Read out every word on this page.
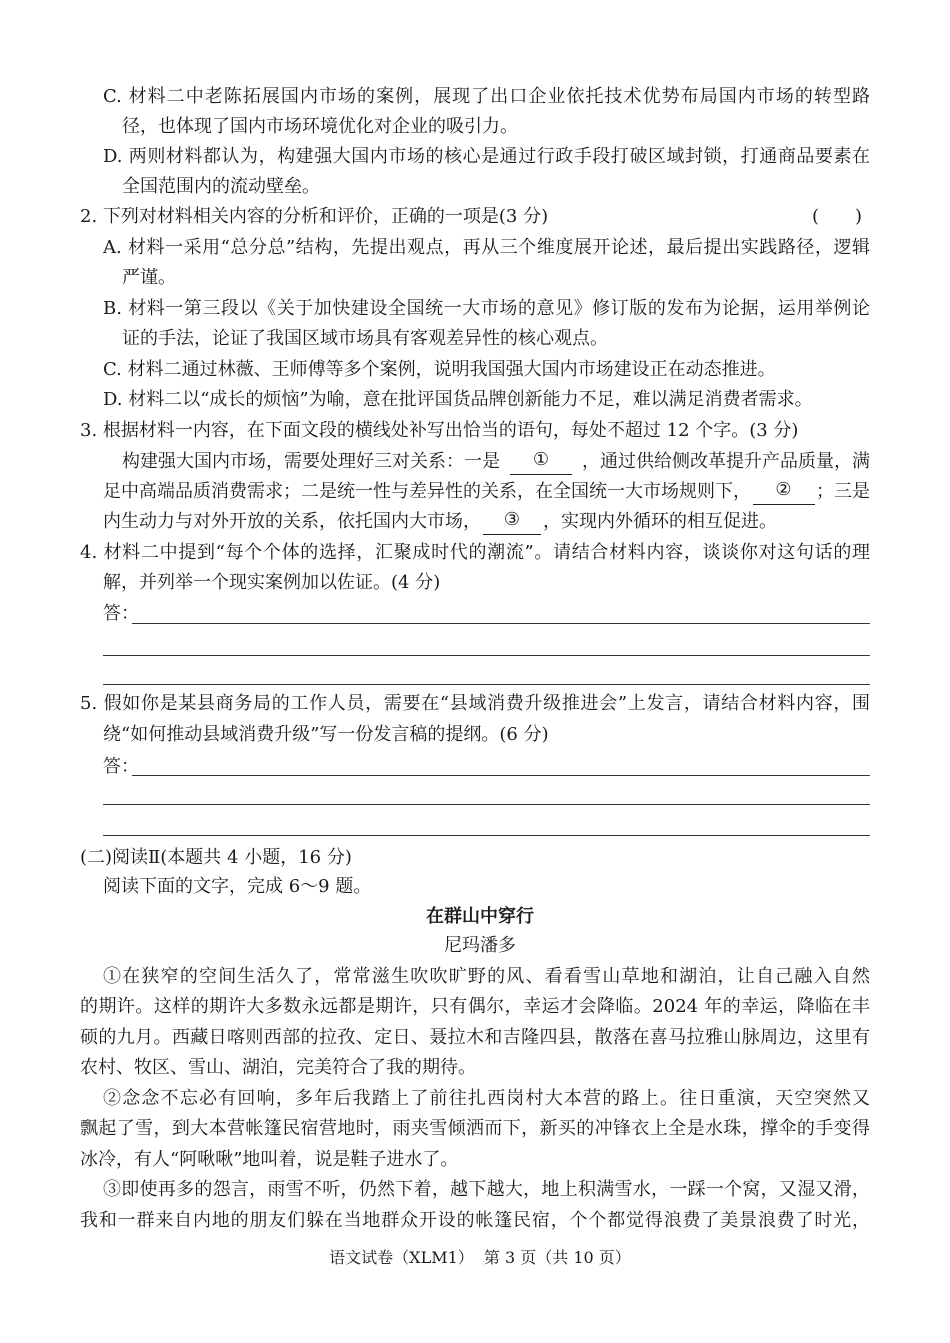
C. 材料二中老陈拓展国内市场的案例，展现了出口企业依托技术优势布局国内市场的转型路
径，也体现了国内市场环境优化对企业的吸引力。
D. 两则材料都认为，构建强大国内市场的核心是通过行政手段打破区域封锁，打通商品要素在
全国范围内的流动壁垒。
2. 下列对材料相关内容的分析和评价，正确的一项是(3 分)	(　　)
A. 材料一采用“总分总”结构，先提出观点，再从三个维度展开论述，最后提出实践路径，逻辑
严谨。
B. 材料一第三段以《关于加快建设全国统一大市场的意见》修订版的发布为论据，运用举例论
证的手法，论证了我国区域市场具有客观差异性的核心观点。
C. 材料二通过林薇、王师傅等多个案例，说明我国强大国内市场建设正在动态推进。
D. 材料二以“成长的烦恼”为喻，意在批评国货品牌创新能力不足，难以满足消费者需求。
3. 根据材料一内容，在下面文段的横线处补写出恰当的语句，每处不超过 12 个字。(3 分)
构建强大国内市场，需要处理好三对关系：一是	①	，通过供给侧改革提升产品质量，满
足中高端品质消费需求；二是统一性与差异性的关系，在全国统一大市场规则下，	②	；三是
内生动力与对外开放的关系，依托国内大市场，	③	，实现内外循环的相互促进。
4. 材料二中提到“每个个体的选择，汇聚成时代的潮流”。请结合材料内容，谈谈你对这句话的理
解，并列举一个现实案例加以佐证。(4 分)
答：
5. 假如你是某县商务局的工作人员，需要在“县域消费升级推进会”上发言，请结合材料内容，围
绕“如何推动县域消费升级”写一份发言稿的提纲。(6 分)
答：
(二)阅读Ⅱ(本题共 4 小题，16 分)
阅读下面的文字，完成 6～9 题。
在群山中穿行
尼玛潘多
①在狭窄的空间生活久了，常常滋生吹吹旷野的风、看看雪山草地和湖泊，让自己融入自然
的期许。这样的期许大多数永远都是期许，只有偶尔，幸运才会降临。2024 年的幸运，降临在丰
硕的九月。西藏日喀则西部的拉孜、定日、聂拉木和吉隆四县，散落在喜马拉雅山脉周边，这里有
农村、牧区、雪山、湖泊，完美符合了我的期待。
②念念不忘必有回响，多年后我踏上了前往扎西岗村大本营的路上。往日重演，天空突然又
飘起了雪，到大本营帐篷民宿营地时，雨夹雪倾洒而下，新买的冲锋衣上全是水珠，撑伞的手变得
冰冷，有人“阿啾啾”地叫着，说是鞋子进水了。
③即使再多的怨言，雨雪不听，仍然下着，越下越大，地上积满雪水，一踩一个窝，又湿又滑，
我和一群来自内地的朋友们躲在当地群众开设的帐篷民宿，个个都觉得浪费了美景浪费了时光，
语文试卷（XLM1）  第 3 页（共 10 页）
